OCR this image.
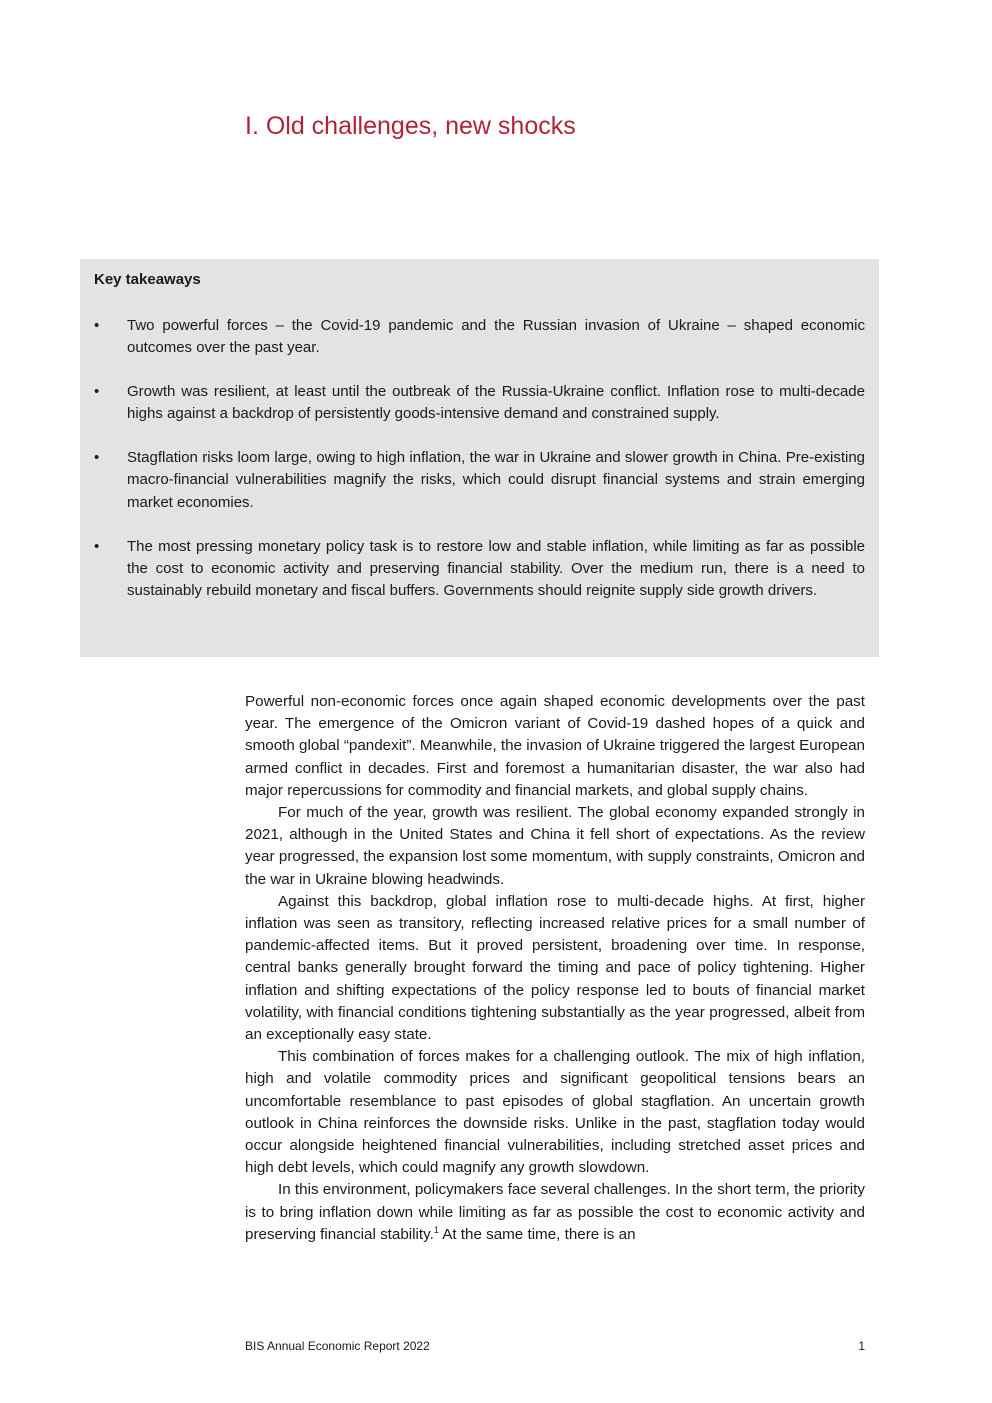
I. Old challenges, new shocks
Key takeaways
• Two powerful forces – the Covid-19 pandemic and the Russian invasion of Ukraine – shaped economic outcomes over the past year.
• Growth was resilient, at least until the outbreak of the Russia-Ukraine conflict. Inflation rose to multi-decade highs against a backdrop of persistently goods-intensive demand and constrained supply.
• Stagflation risks loom large, owing to high inflation, the war in Ukraine and slower growth in China. Pre-existing macro-financial vulnerabilities magnify the risks, which could disrupt financial systems and strain emerging market economies.
• The most pressing monetary policy task is to restore low and stable inflation, while limiting as far as possible the cost to economic activity and preserving financial stability. Over the medium run, there is a need to sustainably rebuild monetary and fiscal buffers. Governments should reignite supply side growth drivers.

Powerful non-economic forces once again shaped economic developments over the past year. The emergence of the Omicron variant of Covid-19 dashed hopes of a quick and smooth global “pandexit”. Meanwhile, the invasion of Ukraine triggered the largest European armed conflict in decades. First and foremost a humanitarian disaster, the war also had major repercussions for commodity and financial markets, and global supply chains.

For much of the year, growth was resilient. The global economy expanded strongly in 2021, although in the United States and China it fell short of expectations. As the review year progressed, the expansion lost some momentum, with supply constraints, Omicron and the war in Ukraine blowing headwinds.

Against this backdrop, global inflation rose to multi-decade highs. At first, higher inflation was seen as transitory, reflecting increased relative prices for a small number of pandemic-affected items. But it proved persistent, broadening over time. In response, central banks generally brought forward the timing and pace of policy tightening. Higher inflation and shifting expectations of the policy response led to bouts of financial market volatility, with financial conditions tightening substantially as the year progressed, albeit from an exceptionally easy state.

This combination of forces makes for a challenging outlook. The mix of high inflation, high and volatile commodity prices and significant geopolitical tensions bears an uncomfortable resemblance to past episodes of global stagflation. An uncertain growth outlook in China reinforces the downside risks. Unlike in the past, stagflation today would occur alongside heightened financial vulnerabilities, including stretched asset prices and high debt levels, which could magnify any growth slowdown.

In this environment, policymakers face several challenges. In the short term, the priority is to bring inflation down while limiting as far as possible the cost to economic activity and preserving financial stability.$^1$ At the same time, there is an

BIS Annual Economic Report 2022	1
